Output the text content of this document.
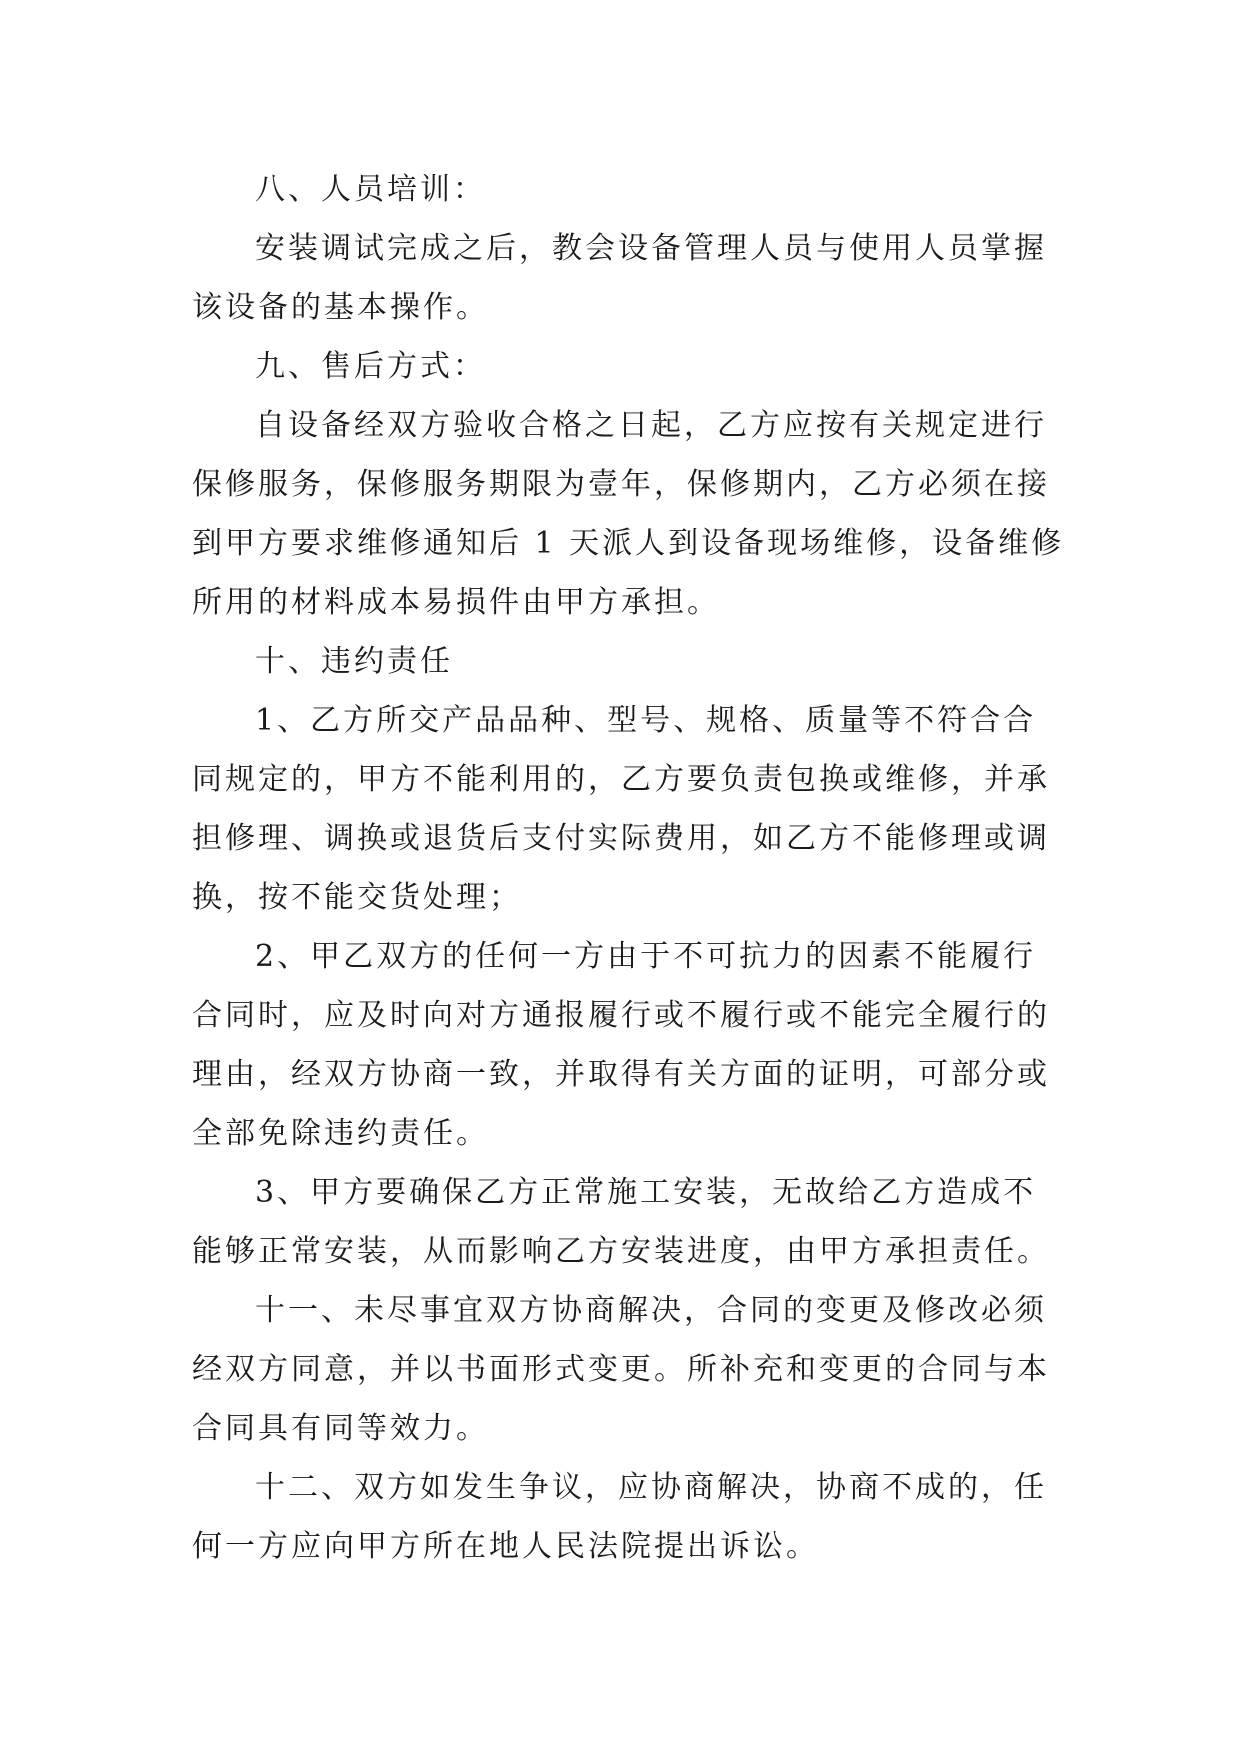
八、人员培训：
安装调试完成之后，教会设备管理人员与使用人员掌握
该设备的基本操作。
九、售后方式：
自设备经双方验收合格之日起，乙方应按有关规定进行
保修服务，保修服务期限为壹年，保修期内，乙方必须在接
到甲方要求维修通知后 1 天派人到设备现场维修，设备维修
所用的材料成本易损件由甲方承担。
十、违约责任
1、乙方所交产品品种、型号、规格、质量等不符合合
同规定的，甲方不能利用的，乙方要负责包换或维修，并承
担修理、调换或退货后支付实际费用，如乙方不能修理或调
换，按不能交货处理；
2、甲乙双方的任何一方由于不可抗力的因素不能履行
合同时，应及时向对方通报履行或不履行或不能完全履行的
理由，经双方协商一致，并取得有关方面的证明，可部分或
全部免除违约责任。
3、甲方要确保乙方正常施工安装，无故给乙方造成不
能够正常安装，从而影响乙方安装进度，由甲方承担责任。
十一、未尽事宜双方协商解决，合同的变更及修改必须
经双方同意，并以书面形式变更。所补充和变更的合同与本
合同具有同等效力。
十二、双方如发生争议，应协商解决，协商不成的，任
何一方应向甲方所在地人民法院提出诉讼。
